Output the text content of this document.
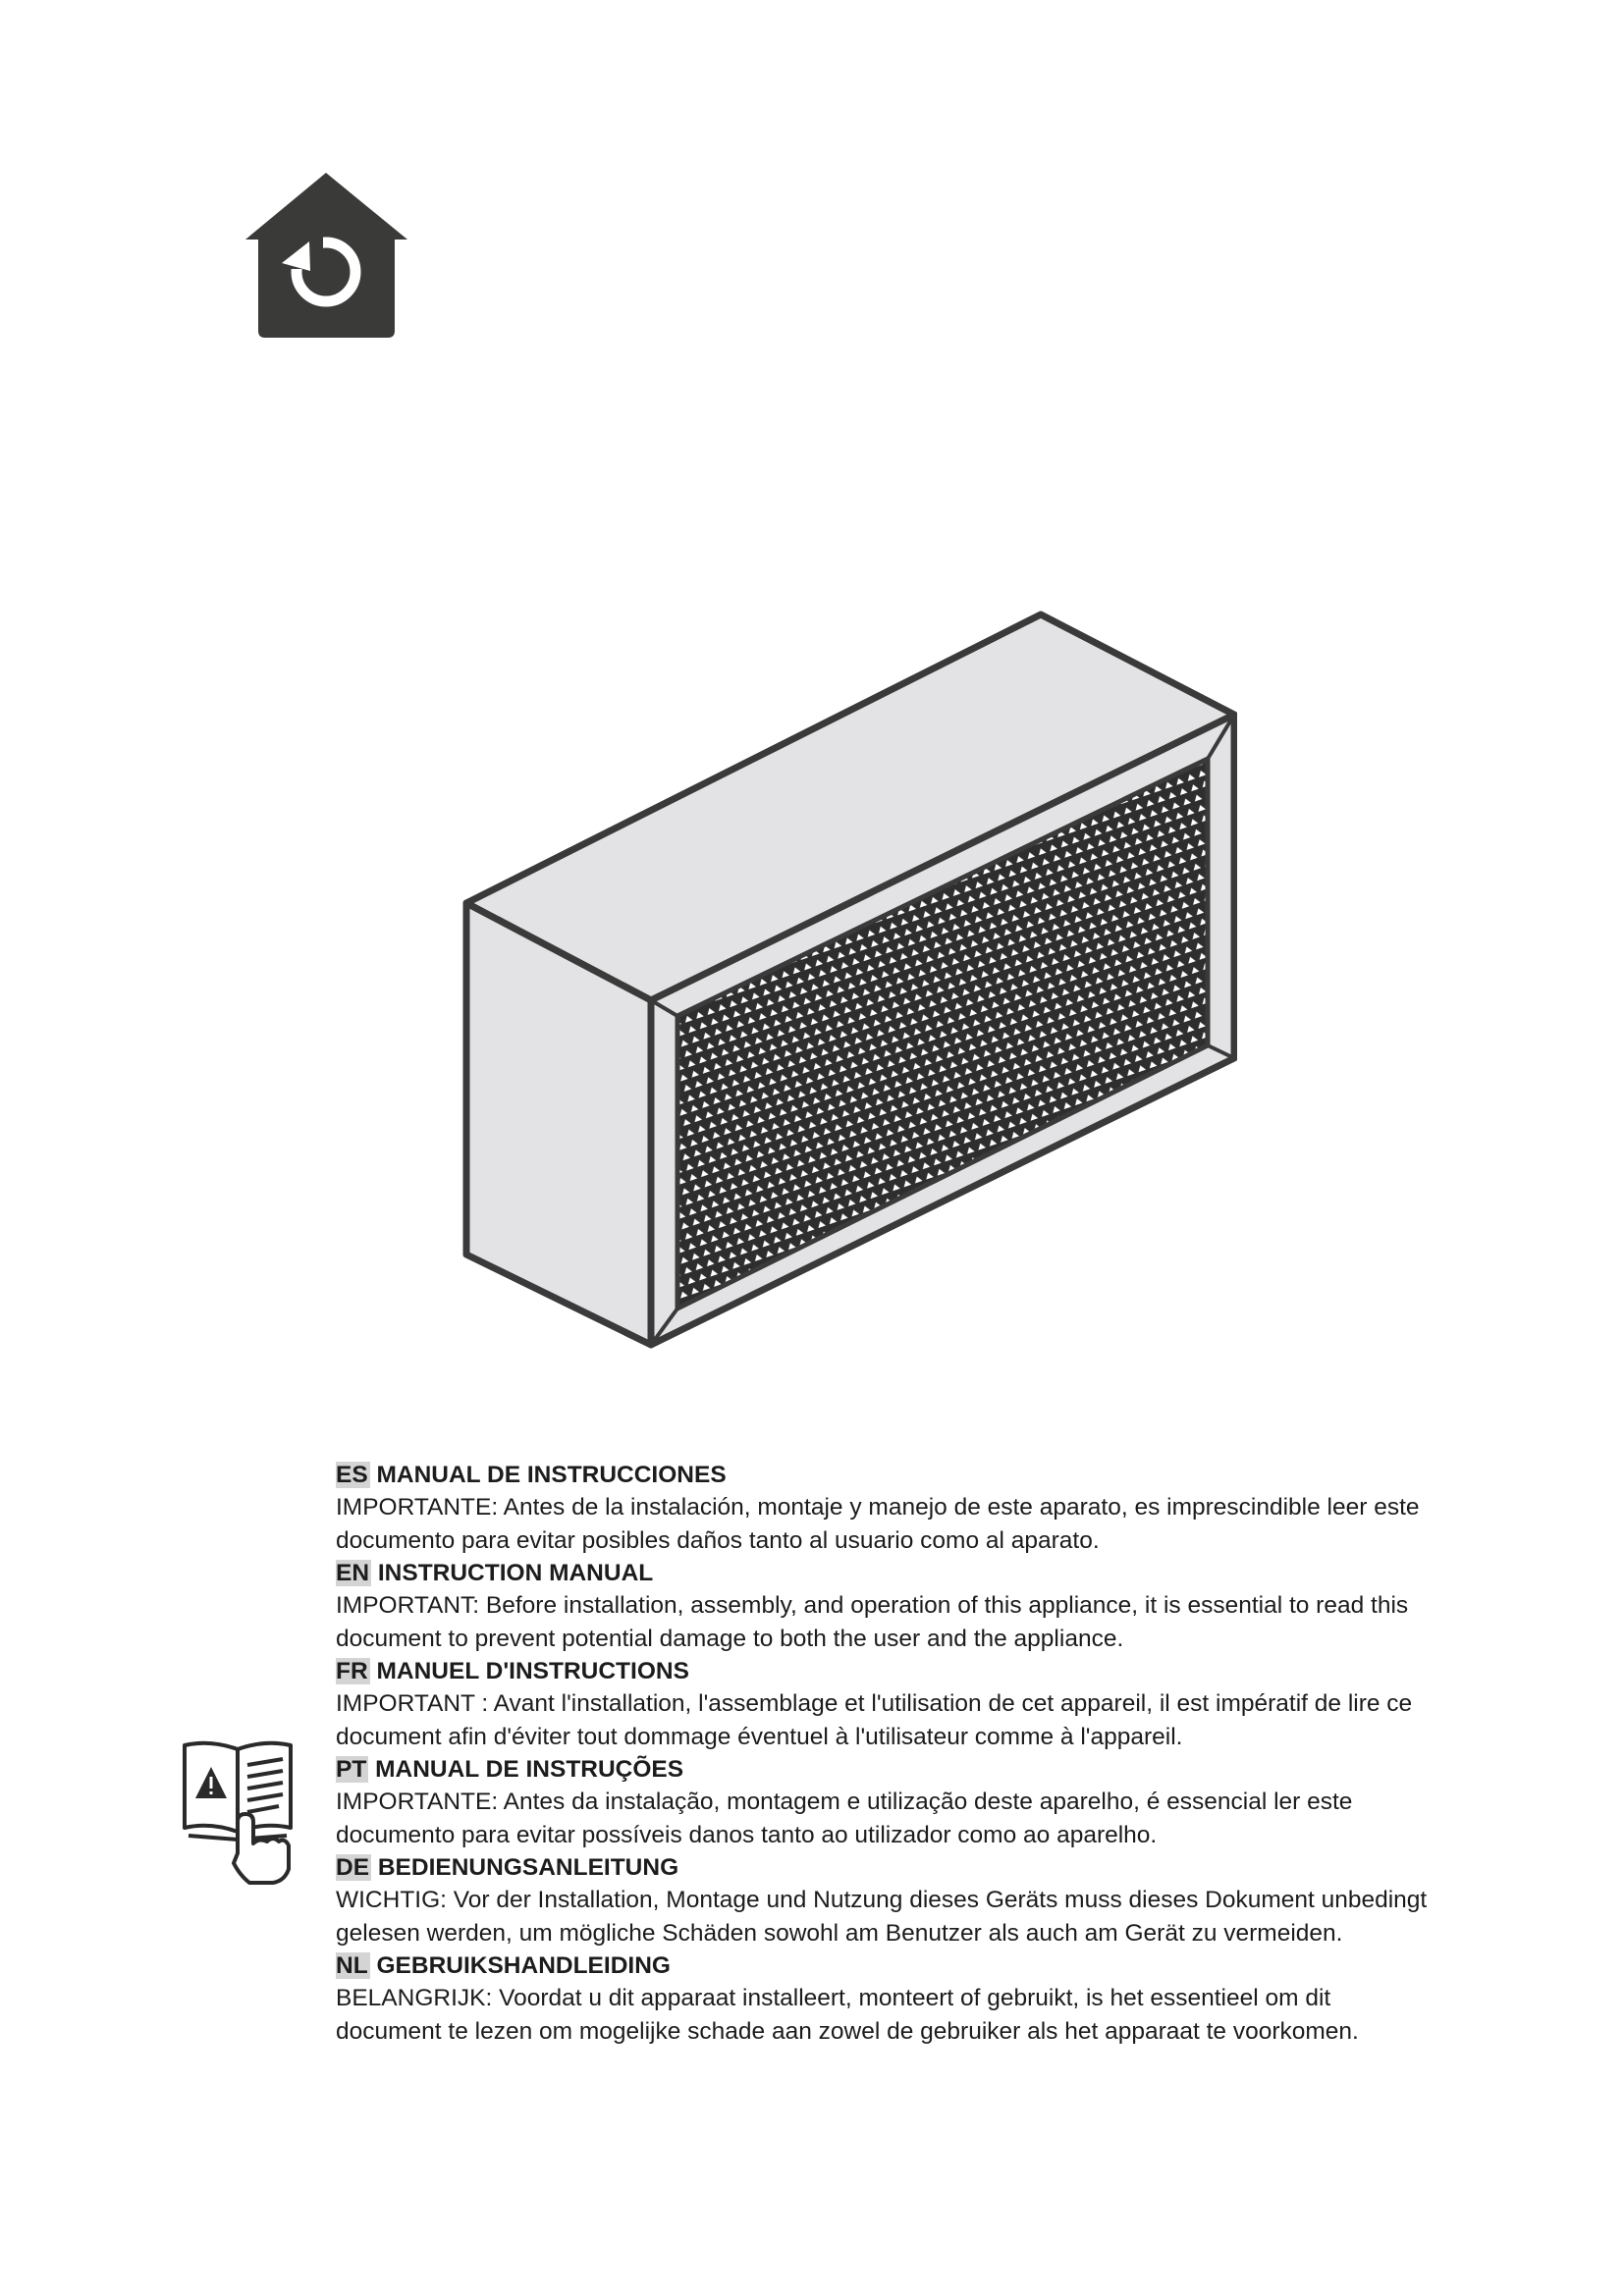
ES MANUAL DE INSTRUCCIONES
IMPORTANTE: Antes de la instalación, montaje y manejo de este aparato, es imprescindible leer este documento para evitar posibles daños tanto al usuario como al aparato.
EN INSTRUCTION MANUAL
IMPORTANT: Before installation, assembly, and operation of this appliance, it is essential to read this document to prevent potential damage to both the user and the appliance.
FR MANUEL D'INSTRUCTIONS
IMPORTANT : Avant l'installation, l'assemblage et l'utilisation de cet appareil, il est impératif de lire ce document afin d'éviter tout dommage éventuel à l'utilisateur comme à l'appareil.
PT MANUAL DE INSTRUÇÕES
IMPORTANTE: Antes da instalação, montagem e utilização deste aparelho, é essencial ler este documento para evitar possíveis danos tanto ao utilizador como ao aparelho.
DE BEDIENUNGSANLEITUNG
WICHTIG: Vor der Installation, Montage und Nutzung dieses Geräts muss dieses Dokument unbedingt gelesen werden, um mögliche Schäden sowohl am Benutzer als auch am Gerät zu vermeiden.
NL GEBRUIKSHANDLEIDING
BELANGRIJK: Voordat u dit apparaat installeert, monteert of gebruikt, is het essentieel om dit document te lezen om mogelijke schade aan zowel de gebruiker als het apparaat te voorkomen.
